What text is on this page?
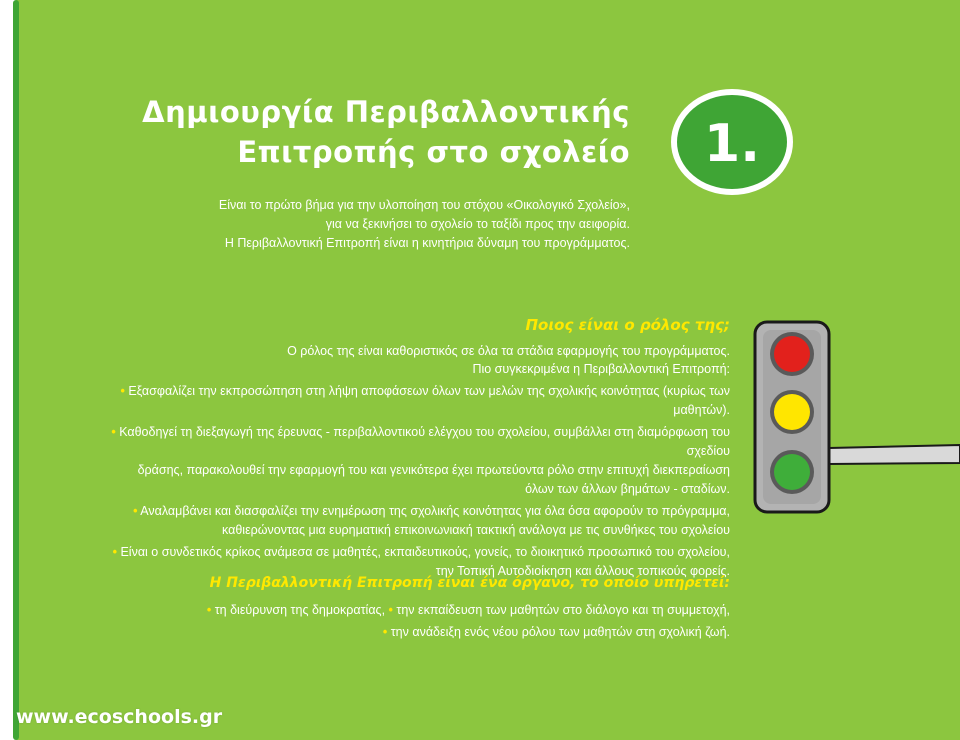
Δημιουργία Περιβαλλοντικής
Επιτροπής στο σχολείο	1.
Είναι το πρώτο βήμα για την υλοποίηση του στόχου «Οικολογικό Σχολείο»,
για να ξεκινήσει το σχολείο το ταξίδι προς την αειφορία.
Η Περιβαλλοντική Επιτροπή είναι η κινητήρια δύναμη του προγράμματος.
Ποιος είναι ο ρόλος της;
Ο ρόλος της είναι καθοριστικός σε όλα τα στάδια εφαρμογής του προγράμματος.
Πιο συγκεκριμένα η Περιβαλλοντική Επιτροπή:
• Εξασφαλίζει την εκπροσώπηση στη λήψη αποφάσεων όλων των μελών της σχολικής κοινότητας (κυρίως των μαθητών).
• Καθοδηγεί τη διεξαγωγή της έρευνας - περιβαλλοντικού ελέγχου του σχολείου, συμβάλλει στη διαμόρφωση του σχεδίου
δράσης, παρακολουθεί την εφαρμογή του και γενικότερα έχει πρωτεύοντα ρόλο στην επιτυχή διεκπεραίωση
όλων των άλλων βημάτων - σταδίων.
• Αναλαμβάνει και διασφαλίζει την ενημέρωση της σχολικής κοινότητας για όλα όσα αφορούν το πρόγραμμα,
καθιερώνοντας μια ευρηματική επικοινωνιακή τακτική ανάλογα με τις συνθήκες του σχολείου
• Είναι ο συνδετικός κρίκος ανάμεσα σε μαθητές, εκπαιδευτικούς, γονείς, το διοικητικό προσωπικό του σχολείου,
την Τοπική Αυτοδιοίκηση και άλλους τοπικούς φορείς.
Η Περιβαλλοντική Επιτροπή είναι ένα όργανο, το οποίο υπηρετεί:
• τη διεύρυνση της δημοκρατίας, • την εκπαίδευση των μαθητών στο διάλογο και τη συμμετοχή,
• την ανάδειξη ενός νέου ρόλου των μαθητών στη σχολική ζωή.
www.ecoschools.gr
